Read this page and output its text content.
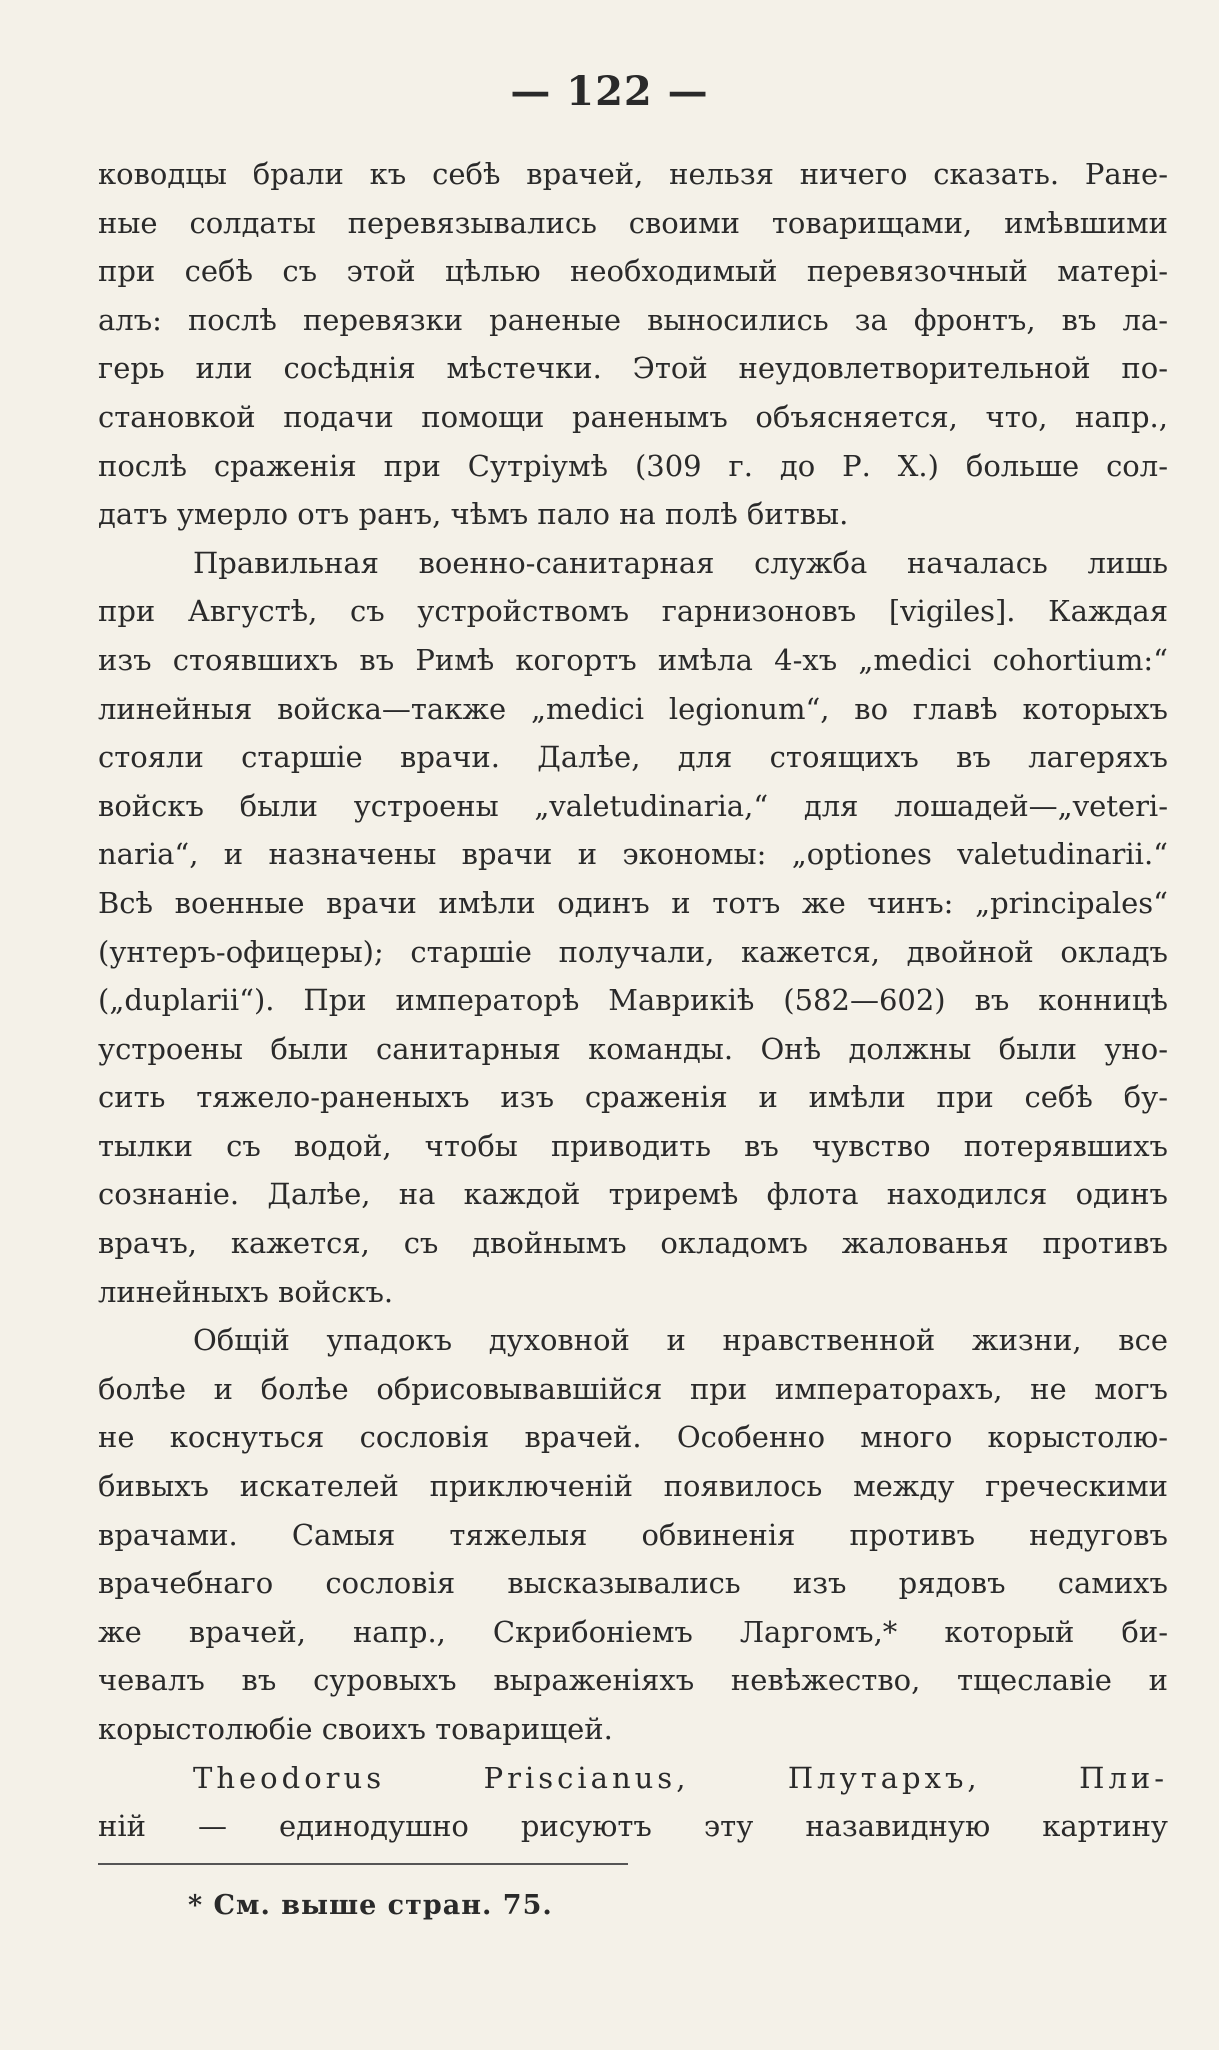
— 122 —
ководцы брали къ себѣ врачей, нельзя ничего сказать. Ране-
ные солдаты перевязывались своими товарищами, имѣвшими
при себѣ съ этой цѣлью необходимый перевязочный матері-
алъ: послѣ перевязки раненые выносились за фронтъ, въ ла-
герь или сосѣднія мѣстечки. Этой неудовлетворительной по-
становкой подачи помощи раненымъ объясняется, что, напр.,
послѣ сраженія при Сутріумѣ (309 г. до Р. Х.) больше сол-
датъ умерло отъ ранъ, чѣмъ пало на полѣ битвы.
Правильная военно-санитарная служба началась лишь
при Августѣ, съ устройствомъ гарнизоновъ [vigiles]. Каждая
изъ стоявшихъ въ Римѣ когортъ имѣла 4-хъ „medici cohortium:“
линейныя войска—также „medici legionum“, во главѣ которыхъ
стояли старшіе врачи. Далѣе, для стоящихъ въ лагеряхъ
войскъ были устроены „valetudinaria,“ для лошадей—„veteri-
naria“, и назначены врачи и экономы: „optiones valetudinarii.“
Всѣ военные врачи имѣли одинъ и тотъ же чинъ: „principales“
(унтеръ-офицеры); старшіе получали, кажется, двойной окладъ
(„duplarii“). При императорѣ Маврикіѣ (582—602) въ конницѣ
устроены были санитарныя команды. Онѣ должны были уно-
сить тяжело-раненыхъ изъ сраженія и имѣли при себѣ бу-
тылки съ водой, чтобы приводить въ чувство потерявшихъ
сознаніе. Далѣе, на каждой триремѣ флота находился одинъ
врачъ, кажется, съ двойнымъ окладомъ жалованья противъ
линейныхъ войскъ.
Общій упадокъ духовной и нравственной жизни, все
болѣе и болѣе обрисовывавшійся при императорахъ, не могъ
не коснуться сословія врачей. Особенно много корыстолю-
бивыхъ искателей приключеній появилось между греческими
врачами. Самыя тяжелыя обвиненія противъ недуговъ
врачебнаго сословія высказывались изъ рядовъ самихъ
же врачей, напр., Скрибоніемъ Ларгомъ,* который би-
чевалъ въ суровыхъ выраженіяхъ невѣжество, тщеславіе и
корыстолюбіе своихъ товарищей.
Theodorus Priscianus, Плутархъ, Пли-
ній — единодушно рисуютъ эту назавидную картину
* См. выше стран. 75.
